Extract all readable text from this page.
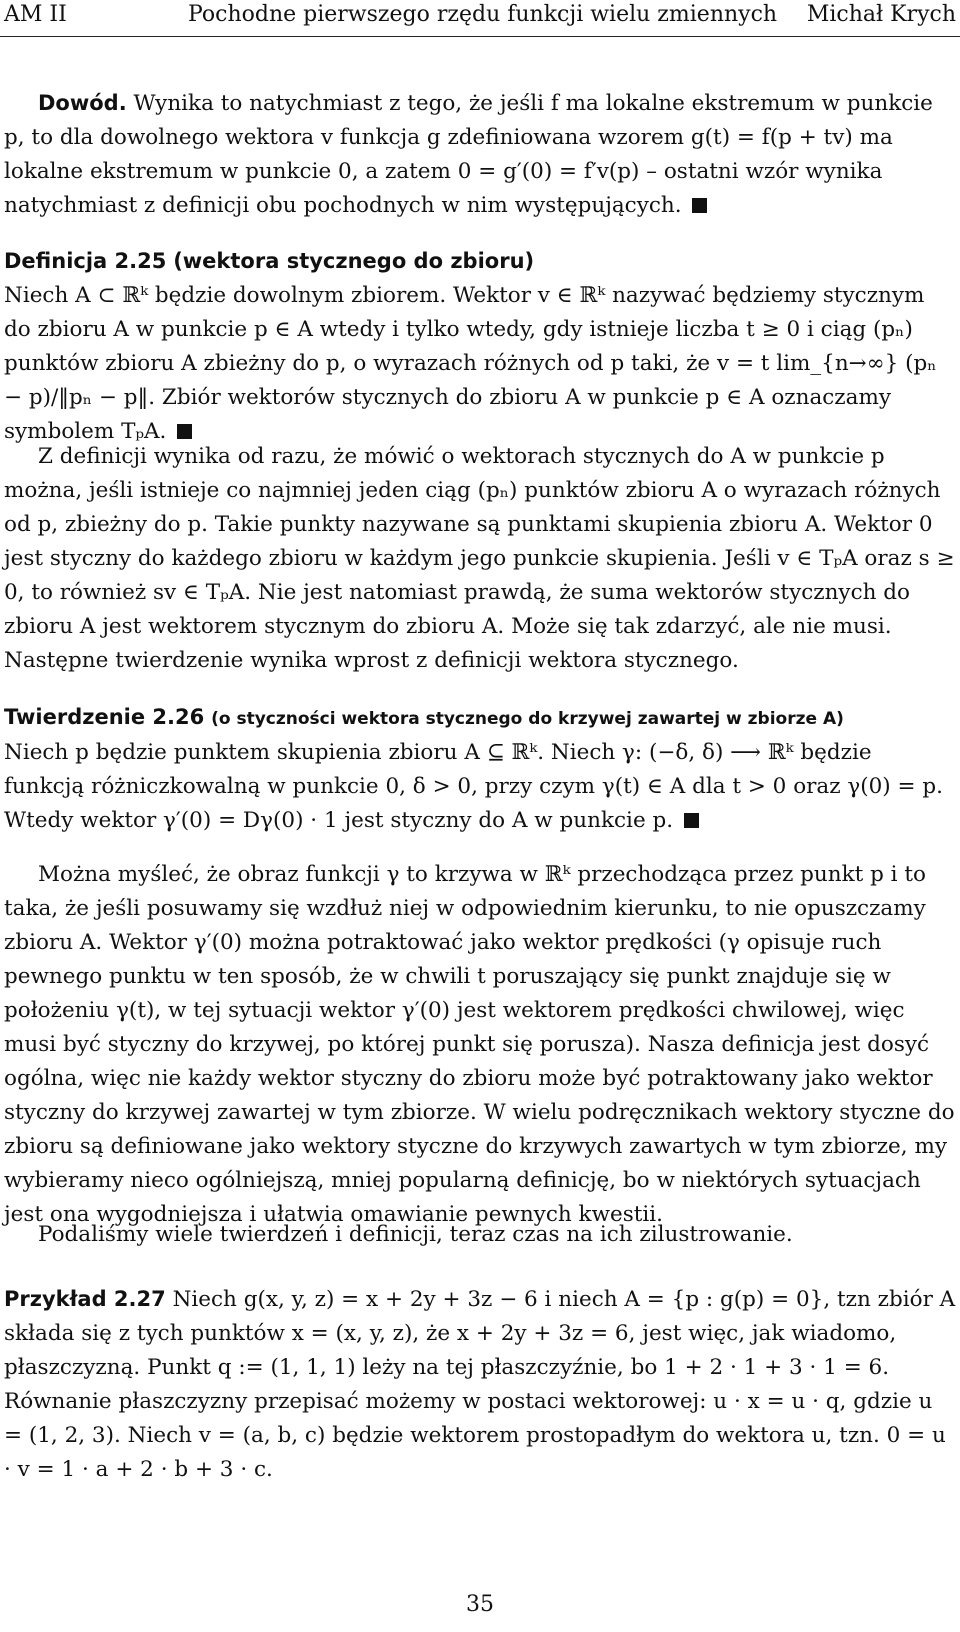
AM II	Pochodne pierwszego rzędu funkcji wielu zmiennych Michał Krych
Dowód. Wynika to natychmiast z tego, że jeśli f ma lokalne ekstremum w punkcie p, to dla dowolnego wektora v funkcja g zdefiniowana wzorem g(t) = f(p + tv) ma lokalne ekstremum w punkcie 0, a zatem 0 = g′(0) = f′v(p) – ostatni wzór wynika natychmiast z definicji obu pochodnych w nim występujących.
Definicja 2.25 (wektora stycznego do zbioru)
Niech A ⊂ ℝᵏ będzie dowolnym zbiorem. Wektor v ∈ ℝᵏ nazywać będziemy stycznym do zbioru A w punkcie p ∈ A wtedy i tylko wtedy, gdy istnieje liczba t ≥ 0 i ciąg (pₙ) punktów zbioru A zbieżny do p, o wyrazach różnych od p taki, że v = t lim_{n→∞} (pₙ − p)/‖pₙ − p‖. Zbiór wektorów stycznych do zbioru A w punkcie p ∈ A oznaczamy symbolem TₚA.
Z definicji wynika od razu, że mówić o wektorach stycznych do A w punkcie p można, jeśli istnieje co najmniej jeden ciąg (pₙ) punktów zbioru A o wyrazach różnych od p, zbieżny do p. Takie punkty nazywane są punktami skupienia zbioru A. Wektor 0 jest styczny do każdego zbioru w każdym jego punkcie skupienia. Jeśli v ∈ TₚA oraz s ≥ 0, to również sv ∈ TₚA. Nie jest natomiast prawdą, że suma wektorów stycznych do zbioru A jest wektorem stycznym do zbioru A. Może się tak zdarzyć, ale nie musi. Następne twierdzenie wynika wprost z definicji wektora stycznego.
Twierdzenie 2.26 (o styczności wektora stycznego do krzywej zawartej w zbiorze A)
Niech p będzie punktem skupienia zbioru A ⊆ ℝᵏ. Niech γ: (−δ, δ) ⟶ ℝᵏ będzie funkcją różniczkowalną w punkcie 0, δ > 0, przy czym γ(t) ∈ A dla t > 0 oraz γ(0) = p. Wtedy wektor γ′(0) = Dγ(0) · 1 jest styczny do A w punkcie p.
Można myśleć, że obraz funkcji γ to krzywa w ℝᵏ przechodząca przez punkt p i to taka, że jeśli posuwamy się wzdłuż niej w odpowiednim kierunku, to nie opuszczamy zbioru A. Wektor γ′(0) można potraktować jako wektor prędkości (γ opisuje ruch pewnego punktu w ten sposób, że w chwili t poruszający się punkt znajduje się w położeniu γ(t), w tej sytuacji wektor γ′(0) jest wektorem prędkości chwilowej, więc musi być styczny do krzywej, po której punkt się porusza). Nasza definicja jest dosyć ogólna, więc nie każdy wektor styczny do zbioru może być potraktowany jako wektor styczny do krzywej zawartej w tym zbiorze. W wielu podręcznikach wektory styczne do zbioru są definiowane jako wektory styczne do krzywych zawartych w tym zbiorze, my wybieramy nieco ogólniejszą, mniej popularną definicję, bo w niektórych sytuacjach jest ona wygodniejsza i ułatwia omawianie pewnych kwestii.
Podaliśmy wiele twierdzeń i definicji, teraz czas na ich zilustrowanie.
Przykład 2.27 Niech g(x, y, z) = x + 2y + 3z − 6 i niech A = {p : g(p) = 0}, tzn zbiór A składa się z tych punktów x = (x, y, z), że x + 2y + 3z = 6, jest więc, jak wiadomo, płaszczyzną. Punkt q := (1, 1, 1) leży na tej płaszczyźnie, bo 1 + 2 · 1 + 3 · 1 = 6. Równanie płaszczyzny przepisać możemy w postaci wektorowej: u · x = u · q, gdzie u = (1, 2, 3). Niech v = (a, b, c) będzie wektorem prostopadłym do wektora u, tzn. 0 = u · v = 1 · a + 2 · b + 3 · c.
35
